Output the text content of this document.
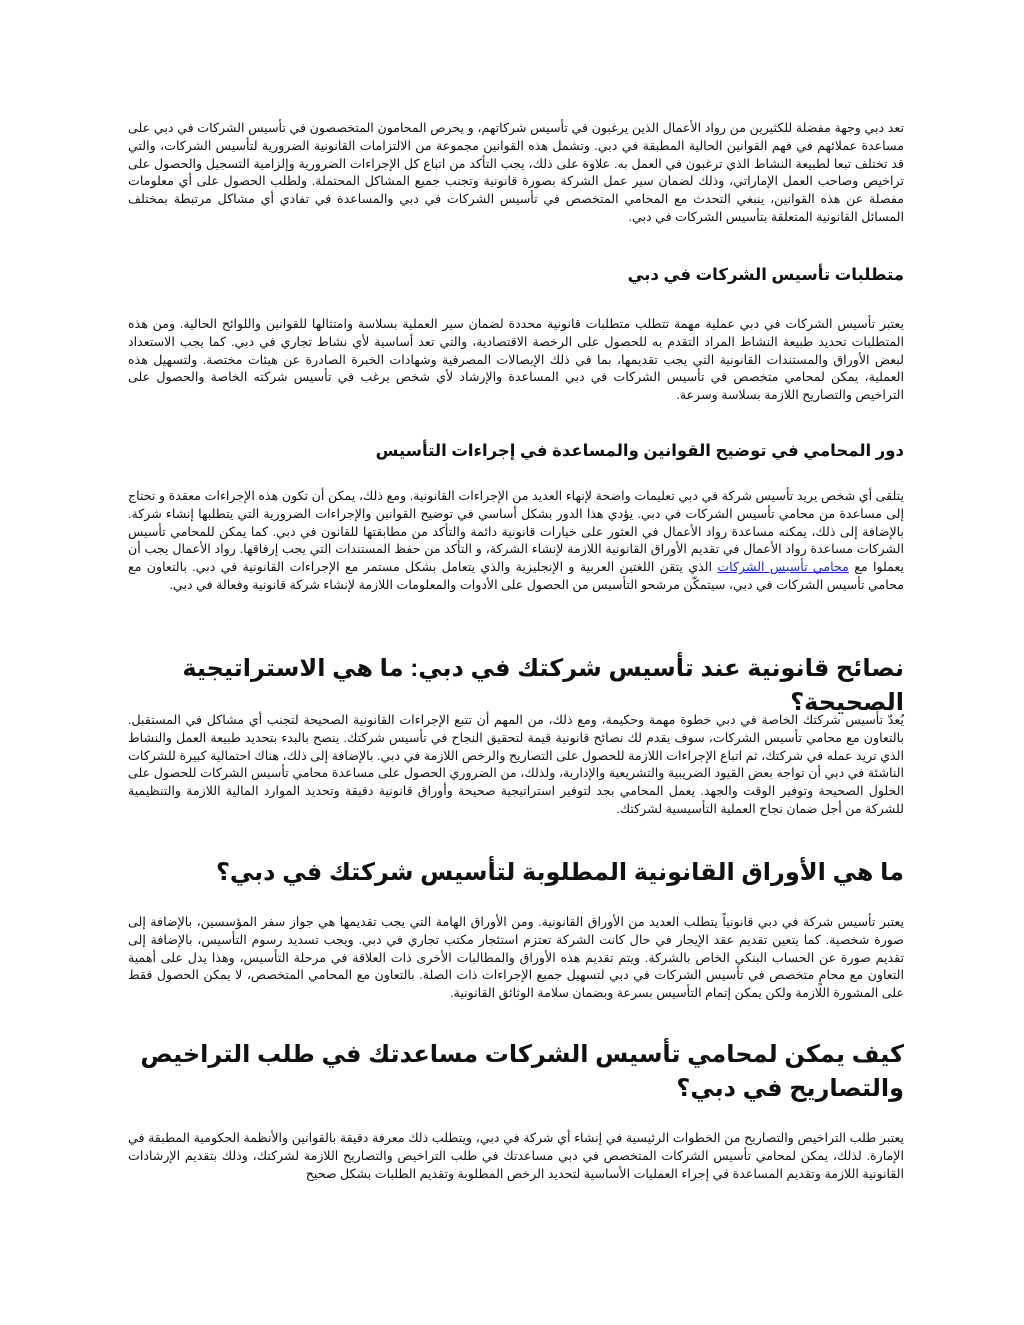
تعد دبي وجهة مفضلة للكثيرين من رواد الأعمال الذين يرغبون في تأسيس شركاتهم، و يحرص المحامون المتخصصون في تأسيس الشركات في دبي على مساعدة عملائهم في فهم القوانين الحالية المطبقة في دبي. وتشمل هذه القوانين مجموعة من الالتزامات القانونية الضرورية لتأسيس الشركات، والتي قد تختلف تبعا لطبيعة النشاط الذي ترغبون في العمل به. علاوة على ذلك، يجب التأكد من اتباع كل الإجراءات الضرورية وإلزامية التسجيل والحصول على تراخيص وصاحب العمل الإماراتي، وذلك لضمان سير عمل الشركة بصورة قانونية وتجنب جميع المشاكل المحتملة. ولطلب الحصول على أي معلومات مفصلة عن هذه القوانين، ينبغي التحدث مع المحامي المتخصص في تأسيس الشركات في دبي والمساعدة في تفادي أي مشاكل مرتبطة بمختلف المسائل القانونية المتعلقة بتأسيس الشركات في دبي.

متطلبات تأسيس الشركات في دبي

يعتبر تأسيس الشركات في دبي عملية مهمة تتطلب متطلبات قانونية محددة لضمان سير العملية بسلاسة وامتثالها للقوانين واللوائح الحالية. ومن هذه المتطلبات تحديد طبيعة النشاط المراد التقدم به للحصول على الرخصة الاقتصادية، والتي تعد أساسية لأي نشاط تجاري في دبي. كما يجب الاستعداد لبعض الأوراق والمستندات القانونية التي يجب تقديمها، بما في ذلك الإيصالات المصرفية وشهادات الخبرة الصادرة عن هيئات مختصة. ولتسهيل هذه العملية، يمكن لمحامي متخصص في تأسيس الشركات في دبي المساعدة والإرشاد لأي شخص يرغب في تأسيس شركته الخاصة والحصول على التراخيص والتصاريح اللازمة بسلاسة وسرعة.

دور المحامي في توضيح القوانين والمساعدة في إجراءات التأسيس

يتلقى أي شخص يريد تأسيس شركة في دبي تعليمات واضحة لإنهاء العديد من الإجراءات القانونية. ومع ذلك، يمكن أن تكون هذه الإجراءات معقدة و تحتاج إلى مساعدة من محامي تأسيس الشركات في دبي. يؤدي هذا الدور بشكل أساسي في توضيح القوانين والإجراءات الضرورية التي يتطلبها إنشاء شركة. بالإضافة إلى ذلك، يمكنه مساعدة رواد الأعمال في العثور على خيارات قانونية دائمة والتأكد من مطابقتها للقانون في دبي. كما يمكن للمحامي تأسيس الشركات مساعدة رواد الأعمال في تقديم الأوراق القانونية اللازمة لإنشاء الشركة، و التأكد من حفظ المستندات التي يجب إرفاقها. رواد الأعمال يجب أن يعملوا مع محامي تأسيس الشركات الذي يتقن اللغتين العربية و الإنجليزية والذي يتعامل بشكل مستمر مع الإجراءات القانونية في دبي. بالتعاون مع محامي تأسيس الشركات في دبي، سيتمكّن مرشحو التأسيس من الحصول على الأدوات والمعلومات اللازمة لإنشاء شركة قانونية وفعالة في دبي.

نصائح قانونية عند تأسيس شركتك في دبي: ما هي الاستراتيجية الصحيحة؟

يُعدّ تأسيس شركتك الخاصة في دبي خطوة مهمة وحكيمة، ومع ذلك، من المهم أن تتبع الإجراءات القانونية الصحيحة لتجنب أي مشاكل في المستقبل. بالتعاون مع محامي تأسيس الشركات، سوف يقدم لك نصائح قانونية قيمة لتحقيق النجاح في تأسيس شركتك. ينصح بالبدء بتحديد طبيعة العمل والنشاط الذي تريد عمله في شركتك، ثم اتباع الإجراءات اللازمة للحصول على التصاريح والرخص اللازمة في دبي. بالإضافة إلى ذلك، هناك احتمالية كبيرة للشركات الناشئة في دبي أن تواجه بعض القيود الضريبية والتشريعية والإدارية، ولذلك، من الضروري الحصول على مساعدة محامي تأسيس الشركات للحصول على الحلول الصحيحة وتوفير الوقت والجهد. يعمل المحامي بجد لتوفير استراتيجية صحيحة وأوراق قانونية دقيقة وتحديد الموارد المالية اللازمة والتنظيمية للشركة من أجل ضمان نجاح العملية التأسيسية لشركتك.

ما هي الأوراق القانونية المطلوبة لتأسيس شركتك في دبي؟

يعتبر تأسيس شركة في دبي قانونياً يتطلب العديد من الأوراق القانونية. ومن الأوراق الهامة التي يجب تقديمها هي جواز سفر المؤسسين، بالإضافة إلى صورة شخصية. كما يتعين تقديم عقد الإيجار في حال كانت الشركة تعتزم استئجار مكتب تجاري في دبي. ويجب تسديد رسوم التأسيس، بالإضافة إلى تقديم صورة عن الحساب البنكي الخاص بالشركة. ويتم تقديم هذه الأوراق والمطالبات الأخرى ذات العلاقة في مرحلة التأسيس، وهذا يدل على أهمية التعاون مع محامٍ متخصص في تأسيس الشركات في دبي لتسهيل جميع الإجراءات ذات الصلة. بالتعاون مع المحامي المتخصص، لا يمكن الحصول فقط على المشورة اللازمة ولكن يمكن إتمام التأسيس بسرعة وبضمان سلامة الوثائق القانونية.

كيف يمكن لمحامي تأسيس الشركات مساعدتك في طلب التراخيص والتصاريح في دبي؟

يعتبر طلب التراخيص والتصاريح من الخطوات الرئيسية في إنشاء أي شركة في دبي، ويتطلب ذلك معرفة دقيقة بالقوانين والأنظمة الحكومية المطبقة في الإمارة. لذلك، يمكن لمحامي تأسيس الشركات المتخصص في دبي مساعدتك في طلب التراخيص والتصاريح اللازمة لشركتك، وذلك بتقديم الإرشادات القانونية اللازمة وتقديم المساعدة في إجراء العمليات الأساسية لتحديد الرخص المطلوبة وتقديم الطلبات بشكل صحيح
